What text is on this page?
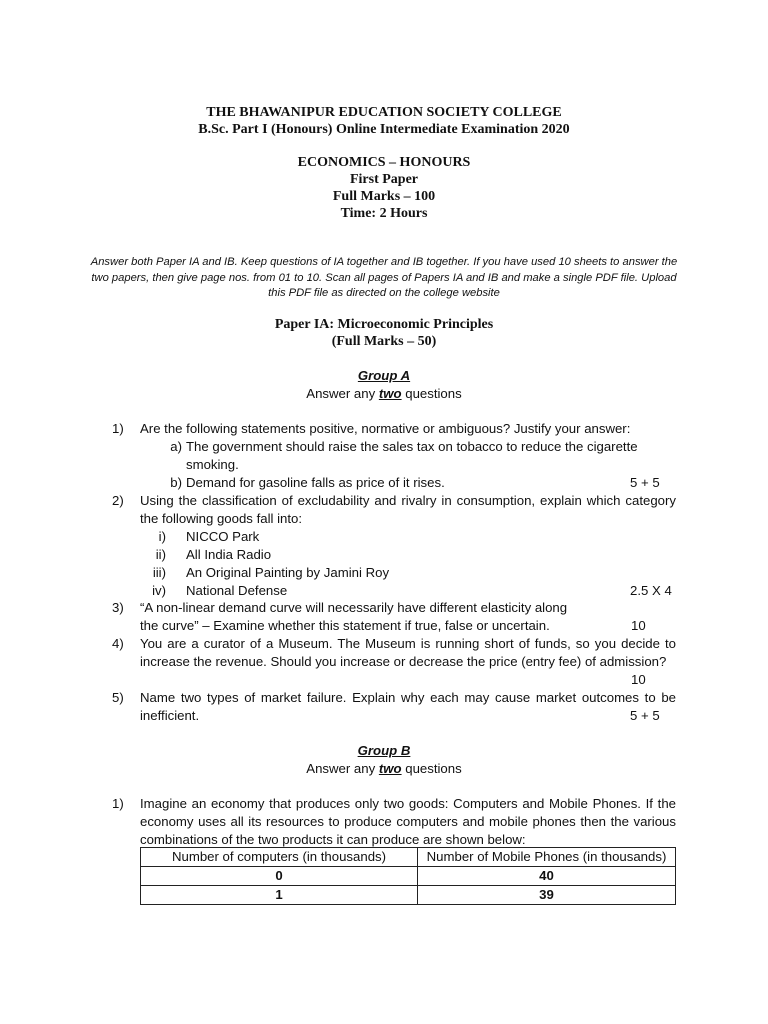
THE BHAWANIPUR EDUCATION SOCIETY COLLEGE
B.Sc. Part I (Honours) Online Intermediate Examination 2020
ECONOMICS – HONOURS
First Paper
Full Marks – 100
Time: 2 Hours
Answer both Paper IA and IB. Keep questions of IA together and IB together. If you have used 10 sheets to answer the two papers, then give page nos. from 01 to 10. Scan all pages of Papers IA and IB and make a single PDF file. Upload this PDF file as directed on the college website
Paper IA: Microeconomic Principles
(Full Marks – 50)
Group A
Answer any two questions
1)	Are the following statements positive, normative or ambiguous? Justify your answer:
a) The government should raise the sales tax on tobacco to reduce the cigarette smoking.
b) Demand for gasoline falls as price of it rises.	5 + 5
2)	Using the classification of excludability and rivalry in consumption, explain which category the following goods fall into:
i) NICCO Park
ii) All India Radio
iii) An Original Painting by Jamini Roy
iv) National Defense	2.5 X 4
3)	“A non-linear demand curve will necessarily have different elasticity along the curve” – Examine whether this statement if true, false or uncertain.	10
4)	You are a curator of a Museum. The Museum is running short of funds, so you decide to increase the revenue. Should you increase or decrease the price (entry fee) of admission?
10
5)	Name two types of market failure. Explain why each may cause market outcomes to be inefficient.	5 + 5
Group B
Answer any two questions
1)	Imagine an economy that produces only two goods: Computers and Mobile Phones. If the economy uses all its resources to produce computers and mobile phones then the various combinations of the two products it can produce are shown below:
Number of computers (in thousands)	Number of Mobile Phones (in thousands)
0	40
1	39
